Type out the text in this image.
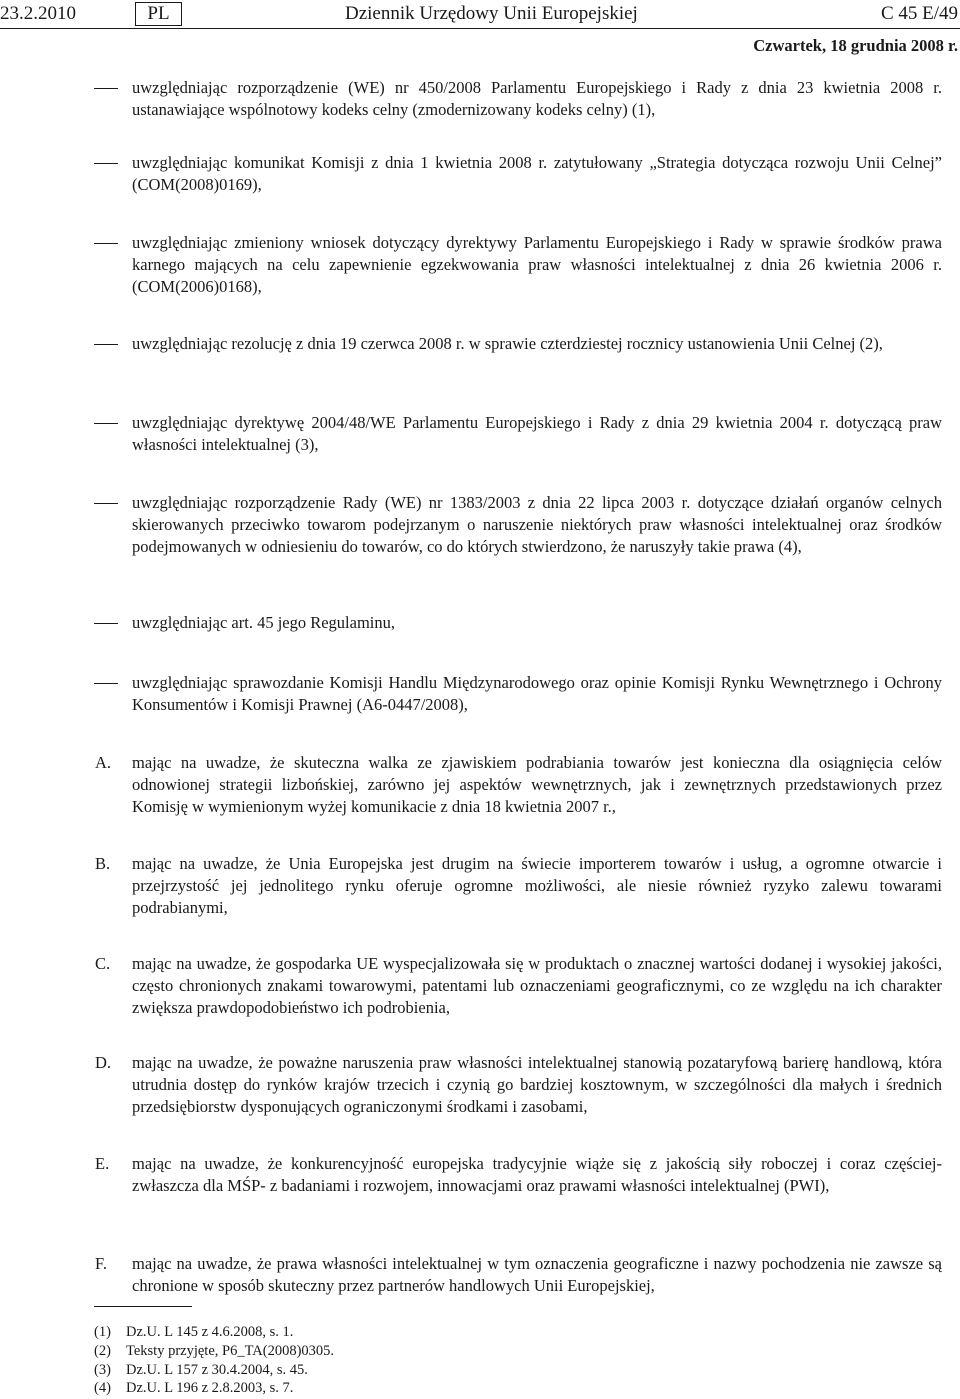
23.2.2010	PL	Dziennik Urzędowy Unii Europejskiej	C 45 E/49
Czwartek, 18 grudnia 2008 r.
uwzględniając rozporządzenie (WE) nr 450/2008 Parlamentu Europejskiego i Rady z dnia 23 kwietnia 2008 r. ustanawiające wspólnotowy kodeks celny (zmodernizowany kodeks celny) (1),
uwzględniając komunikat Komisji z dnia 1 kwietnia 2008 r. zatytułowany „Strategia dotycząca rozwoju Unii Celnej” (COM(2008)0169),
uwzględniając zmieniony wniosek dotyczący dyrektywy Parlamentu Europejskiego i Rady w sprawie środków prawa karnego mających na celu zapewnienie egzekwowania praw własności intelektualnej z dnia 26 kwietnia 2006 r. (COM(2006)0168),
uwzględniając rezolucję z dnia 19 czerwca 2008 r. w sprawie czterdziestej rocznicy ustanowienia Unii Celnej (2),
uwzględniając dyrektywę 2004/48/WE Parlamentu Europejskiego i Rady z dnia 29 kwietnia 2004 r. dotyczącą praw własności intelektualnej (3),
uwzględniając rozporządzenie Rady (WE) nr 1383/2003 z dnia 22 lipca 2003 r. dotyczące działań organów celnych skierowanych przeciwko towarom podejrzanym o naruszenie niektórych praw własności intelektualnej oraz środków podejmowanych w odniesieniu do towarów, co do których stwierdzono, że naruszyły takie prawa (4),
uwzględniając art. 45 jego Regulaminu,
uwzględniając sprawozdanie Komisji Handlu Międzynarodowego oraz opinie Komisji Rynku Wewnętrznego i Ochrony Konsumentów i Komisji Prawnej (A6-0447/2008),
A. mając na uwadze, że skuteczna walka ze zjawiskiem podrabiania towarów jest konieczna dla osiągnięcia celów odnowionej strategii lizbońskiej, zarówno jej aspektów wewnętrznych, jak i zewnętrznych przedstawionych przez Komisję w wymienionym wyżej komunikacie z dnia 18 kwietnia 2007 r.,
B. mając na uwadze, że Unia Europejska jest drugim na świecie importerem towarów i usług, a ogromne otwarcie i przejrzystość jej jednolitego rynku oferuje ogromne możliwości, ale niesie również ryzyko zalewu towarami podrabianymi,
C. mając na uwadze, że gospodarka UE wyspecjalizowała się w produktach o znacznej wartości dodanej i wysokiej jakości, często chronionych znakami towarowymi, patentami lub oznaczeniami geograficznymi, co ze względu na ich charakter zwiększa prawdopodobieństwo ich podrobienia,
D. mając na uwadze, że poważne naruszenia praw własności intelektualnej stanowią pozataryfową barierę handlową, która utrudnia dostęp do rynków krajów trzecich i czynią go bardziej kosztownym, w szczególności dla małych i średnich przedsiębiorstw dysponujących ograniczonymi środkami i zasobami,
E. mając na uwadze, że konkurencyjność europejska tradycyjnie wiąże się z jakością siły roboczej i coraz częściej- zwłaszcza dla MŚP- z badaniami i rozwojem, innowacjami oraz prawami własności intelektualnej (PWI),
F. mając na uwadze, że prawa własności intelektualnej w tym oznaczenia geograficzne i nazwy pochodzenia nie zawsze są chronione w sposób skuteczny przez partnerów handlowych Unii Europejskiej,
(1) Dz.U. L 145 z 4.6.2008, s. 1.
(2) Teksty przyjęte, P6_TA(2008)0305.
(3) Dz.U. L 157 z 30.4.2004, s. 45.
(4) Dz.U. L 196 z 2.8.2003, s. 7.
